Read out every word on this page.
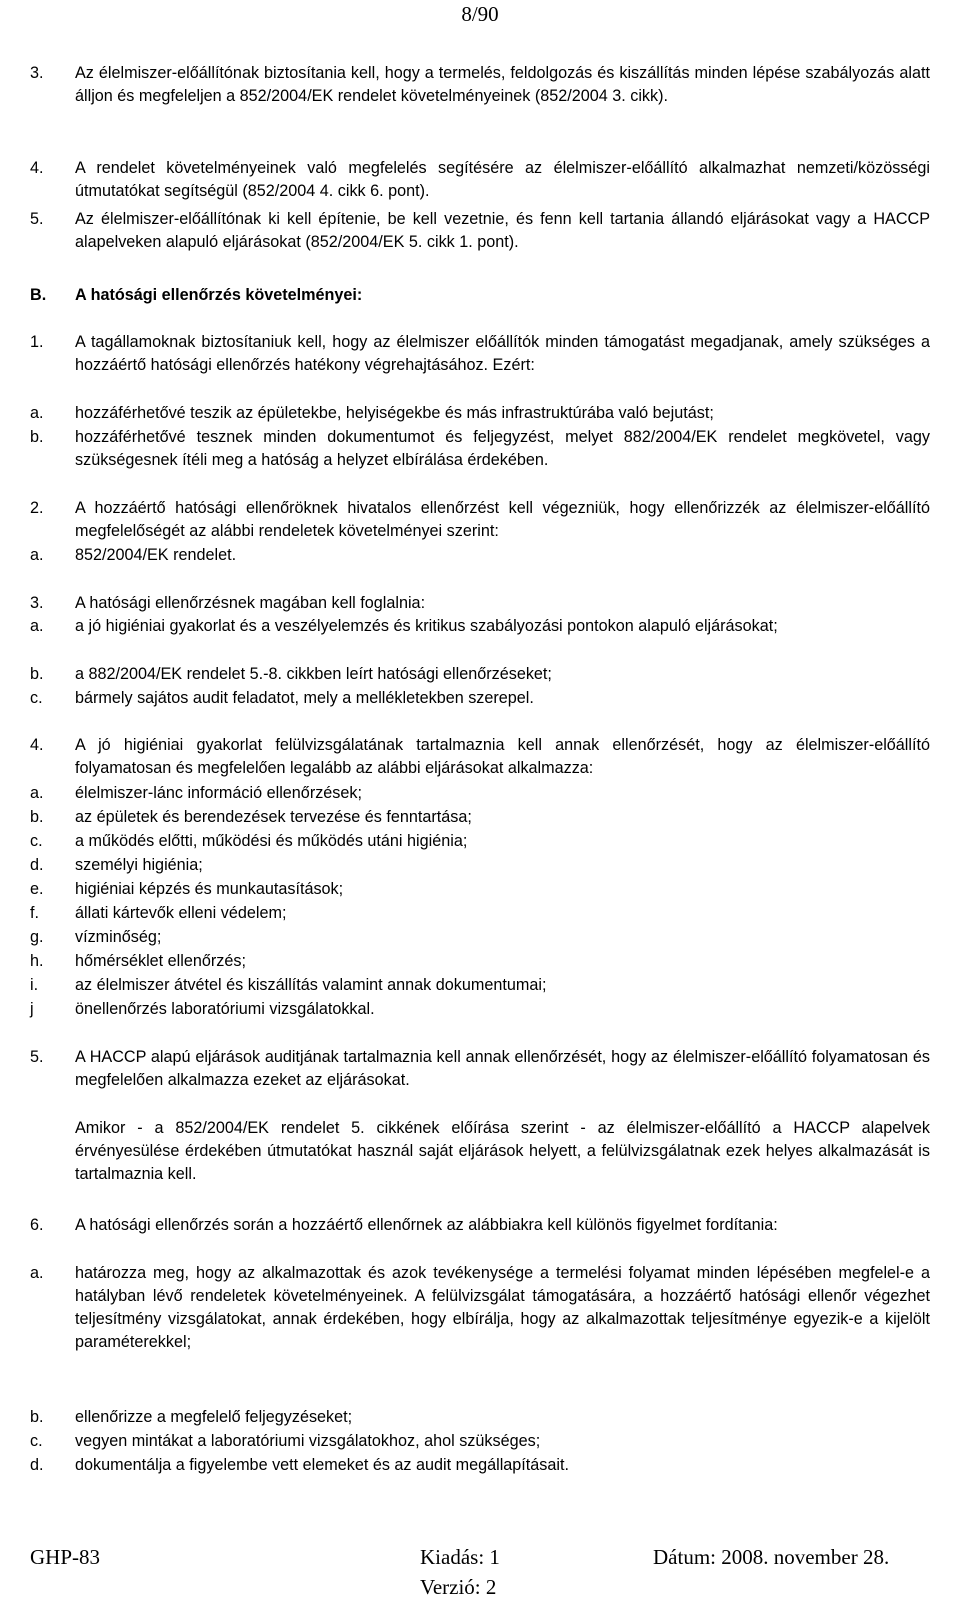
8/90
3. Az élelmiszer-előállítónak biztosítania kell, hogy a termelés, feldolgozás és kiszállítás minden lépése szabályozás alatt álljon és megfeleljen a 852/2004/EK rendelet követelményeinek (852/2004 3. cikk).
4. A rendelet követelményeinek való megfelelés segítésére az élelmiszer-előállító alkalmazhat nemzeti/közösségi útmutatókat segítségül (852/2004 4. cikk 6. pont).
5. Az élelmiszer-előállítónak ki kell építenie, be kell vezetnie, és fenn kell tartania állandó eljárásokat vagy a HACCP alapelveken alapuló eljárásokat (852/2004/EK 5. cikk 1. pont).
B. A hatósági ellenőrzés követelményei:
1. A tagállamoknak biztosítaniuk kell, hogy az élelmiszer előállítók minden támogatást megadjanak, amely szükséges a hozzáértő hatósági ellenőrzés hatékony végrehajtásához. Ezért:
a. hozzáférhetővé teszik az épületekbe, helyiségekbe és más infrastruktúrába való bejutást;
b. hozzáférhetővé tesznek minden dokumentumot és feljegyzést, melyet 882/2004/EK rendelet megkövetel, vagy szükségesnek ítéli meg a hatóság a helyzet elbírálása érdekében.
2. A hozzáértő hatósági ellenőröknek hivatalos ellenőrzést kell végezniük, hogy ellenőrizzék az élelmiszer-előállító megfelelőségét az alábbi rendeletek követelményei szerint:
a. 852/2004/EK rendelet.
3. A hatósági ellenőrzésnek magában kell foglalnia:
a. a jó higiéniai gyakorlat és a veszélyelemzés és kritikus szabályozási pontokon alapuló eljárásokat;
b. a 882/2004/EK rendelet 5.-8. cikkben leírt hatósági ellenőrzéseket;
c. bármely sajátos audit feladatot, mely a mellékletekben szerepel.
4. A jó higiéniai gyakorlat felülvizsgálatának tartalmaznia kell annak ellenőrzését, hogy az élelmiszer-előállító folyamatosan és megfelelően legalább az alábbi eljárásokat alkalmazza:
a. élelmiszer-lánc információ ellenőrzések;
b. az épületek és berendezések tervezése és fenntartása;
c. a működés előtti, működési és működés utáni higiénia;
d. személyi higiénia;
e. higiéniai képzés és munkautasítások;
f. állati kártevők elleni védelem;
g. vízminőség;
h. hőmérséklet ellenőrzés;
i. az élelmiszer átvétel és kiszállítás valamint annak dokumentumai;
j	önellenőrzés laboratóriumi vizsgálatokkal.
5. A HACCP alapú eljárások auditjának tartalmaznia kell annak ellenőrzését, hogy az élelmiszer-előállító folyamatosan és megfelelően alkalmazza ezeket az eljárásokat.
Amikor - a 852/2004/EK rendelet 5. cikkének előírása szerint - az élelmiszer-előállító a HACCP alapelvek érvényesülése érdekében útmutatókat használ saját eljárások helyett, a felülvizsgálatnak ezek helyes alkalmazását is tartalmaznia kell.
6. A hatósági ellenőrzés során a hozzáértő ellenőrnek az alábbiakra kell különös figyelmet fordítania:
a. határozza meg, hogy az alkalmazottak és azok tevékenysége a termelési folyamat minden lépésében megfelel-e a hatályban lévő rendeletek követelményeinek. A felülvizsgálat támogatására, a hozzáértő hatósági ellenőr végezhet teljesítmény vizsgálatokat, annak érdekében, hogy elbírálja, hogy az alkalmazottak teljesítménye egyezik-e a kijelölt paraméterekkel;
b. ellenőrizze a megfelelő feljegyzéseket;
c. vegyen mintákat a laboratóriumi vizsgálatokhoz, ahol szükséges;
d. dokumentálja a figyelembe vett elemeket és az audit megállapításait.
GHP-83	Kiadás: 1
Verzió: 2
Dátum: 2008. november 28.
